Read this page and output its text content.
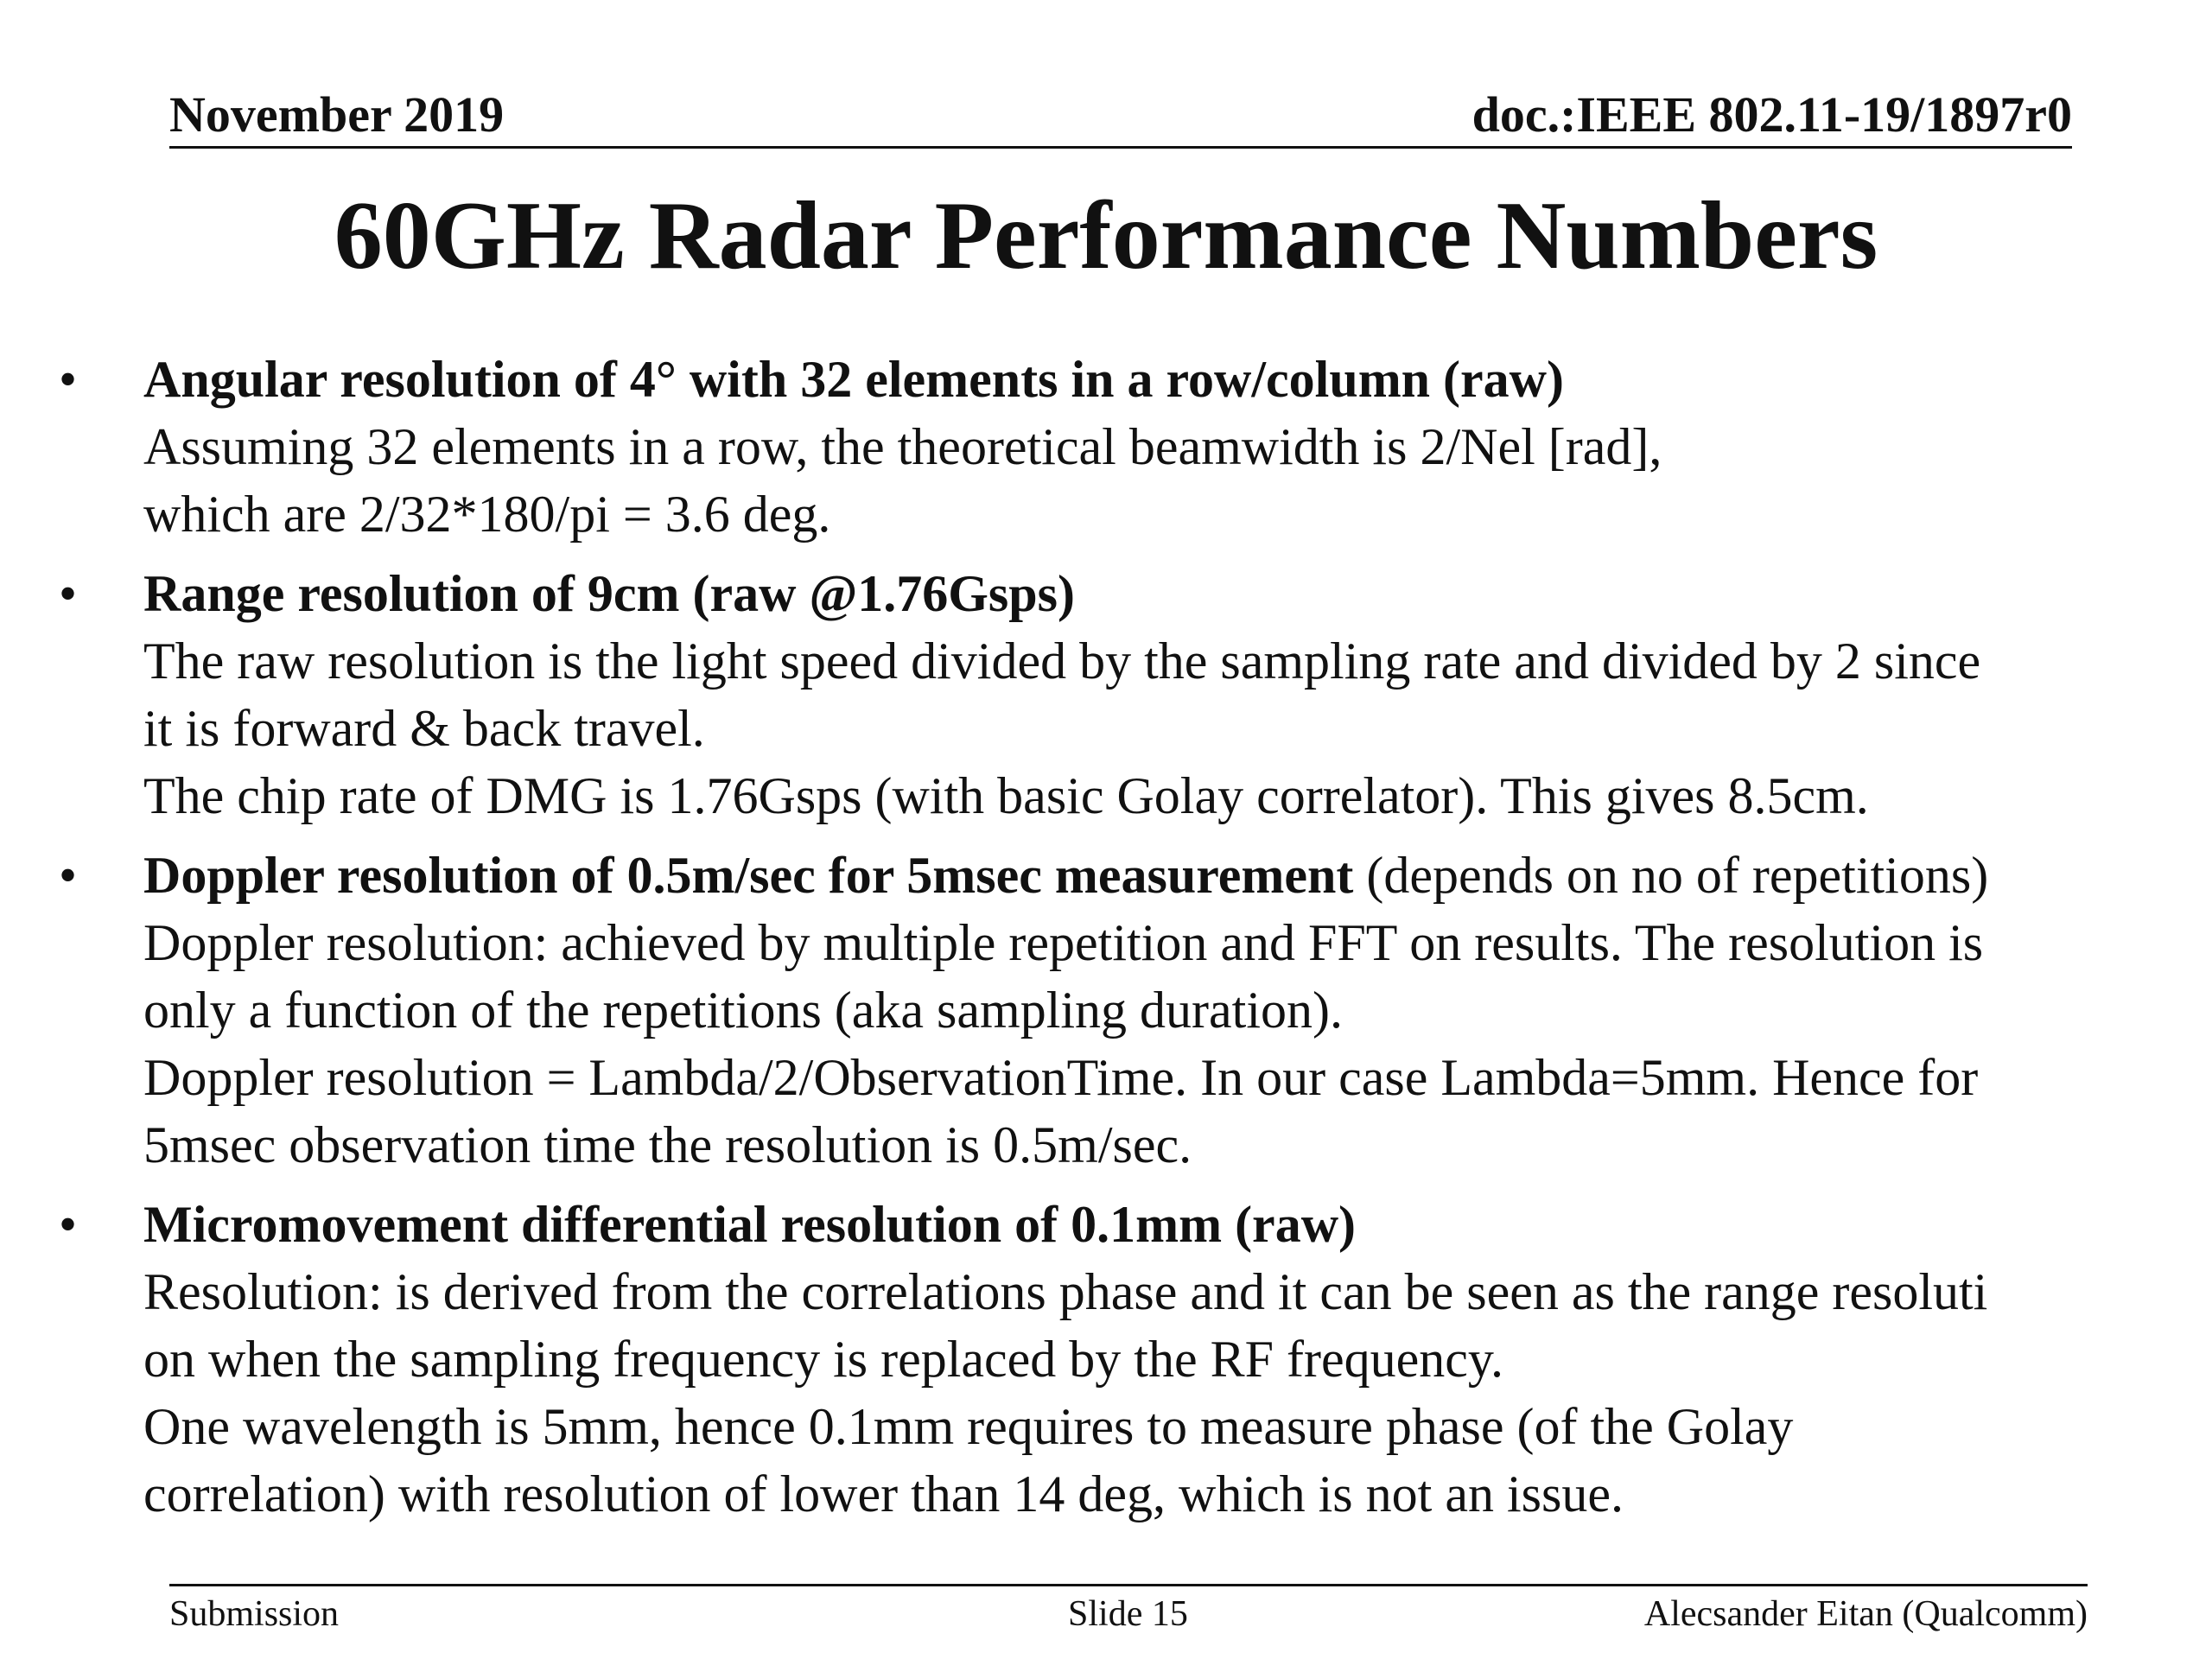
November 2019	doc.:IEEE 802.11-19/1897r0
60GHz Radar Performance Numbers
• Angular resolution of 4° with 32 elements in a row/column (raw)
Assuming 32 elements in a row, the theoretical beamwidth is 2/Nel [rad],
which are 2/32*180/pi = 3.6 deg.
• Range resolution of 9cm (raw @1.76Gsps)
The raw resolution is the light speed divided by the sampling rate and divided by 2 since
it is forward & back travel.
The chip rate of DMG is 1.76Gsps (with basic Golay correlator). This gives 8.5cm.
• Doppler resolution of 0.5m/sec for 5msec measurement (depends on no of repetitions)
Doppler resolution: achieved by multiple repetition and FFT on results. The resolution is
only a function of the repetitions (aka sampling duration).
Doppler resolution = Lambda/2/ObservationTime. In our case Lambda=5mm. Hence for
5msec observation time the resolution is 0.5m/sec.
• Micromovement differential resolution of 0.1mm (raw)
Resolution: is derived from the correlations phase and it can be seen as the range resoluti
on when the sampling frequency is replaced by the RF frequency.
One wavelength is 5mm, hence 0.1mm requires to measure phase (of the Golay
correlation) with resolution of lower than 14 deg, which is not an issue.
Submission	Slide 15	Alecsander Eitan (Qualcomm)
